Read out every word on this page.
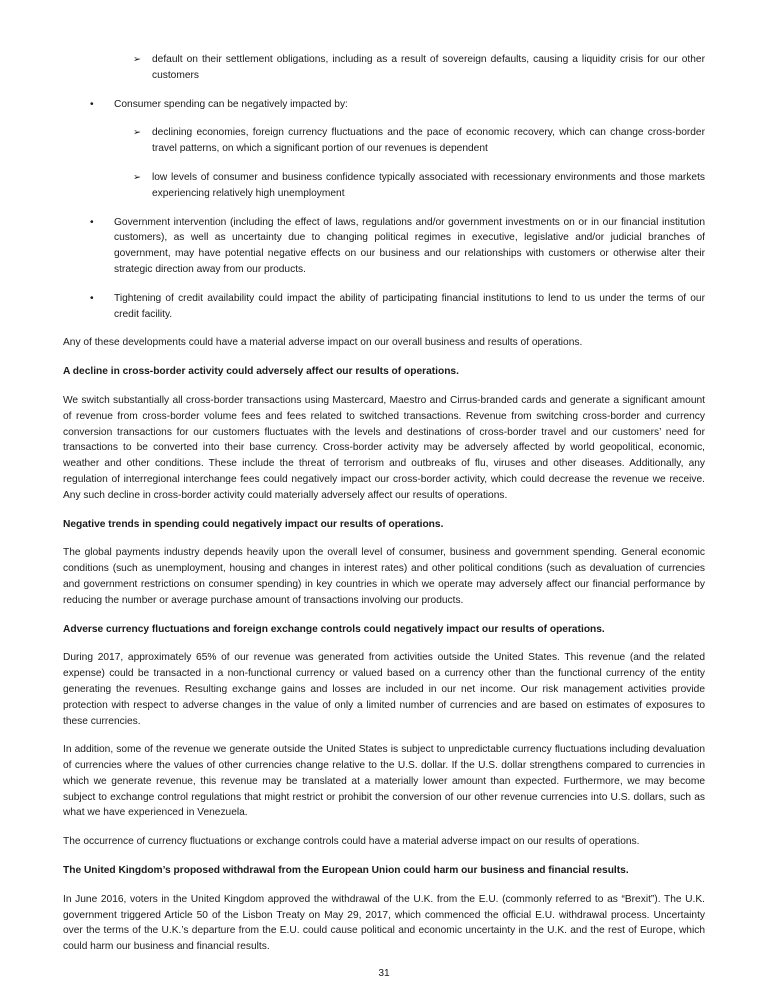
➢ default on their settlement obligations, including as a result of sovereign defaults, causing a liquidity crisis for our other customers

• Consumer spending can be negatively impacted by:

➢ declining economies, foreign currency fluctuations and the pace of economic recovery, which can change cross-border travel patterns, on which a significant portion of our revenues is dependent

➢ low levels of consumer and business confidence typically associated with recessionary environments and those markets experiencing relatively high unemployment

• Government intervention (including the effect of laws, regulations and/or government investments on or in our financial institution customers), as well as uncertainty due to changing political regimes in executive, legislative and/or judicial branches of government, may have potential negative effects on our business and our relationships with customers or otherwise alter their strategic direction away from our products.

• Tightening of credit availability could impact the ability of participating financial institutions to lend to us under the terms of our credit facility.

Any of these developments could have a material adverse impact on our overall business and results of operations.

A decline in cross-border activity could adversely affect our results of operations.

We switch substantially all cross-border transactions using Mastercard, Maestro and Cirrus-branded cards and generate a significant amount of revenue from cross-border volume fees and fees related to switched transactions. Revenue from switching cross-border and currency conversion transactions for our customers fluctuates with the levels and destinations of cross-border travel and our customers’ need for transactions to be converted into their base currency. Cross-border activity may be adversely affected by world geopolitical, economic, weather and other conditions. These include the threat of terrorism and outbreaks of flu, viruses and other diseases. Additionally, any regulation of interregional interchange fees could negatively impact our cross-border activity, which could decrease the revenue we receive. Any such decline in cross-border activity could materially adversely affect our results of operations.

Negative trends in spending could negatively impact our results of operations.

The global payments industry depends heavily upon the overall level of consumer, business and government spending. General economic conditions (such as unemployment, housing and changes in interest rates) and other political conditions (such as devaluation of currencies and government restrictions on consumer spending) in key countries in which we operate may adversely affect our financial performance by reducing the number or average purchase amount of transactions involving our products.

Adverse currency fluctuations and foreign exchange controls could negatively impact our results of operations.

During 2017, approximately 65% of our revenue was generated from activities outside the United States. This revenue (and the related expense) could be transacted in a non-functional currency or valued based on a currency other than the functional currency of the entity generating the revenues. Resulting exchange gains and losses are included in our net income. Our risk management activities provide protection with respect to adverse changes in the value of only a limited number of currencies and are based on estimates of exposures to these currencies.

In addition, some of the revenue we generate outside the United States is subject to unpredictable currency fluctuations including devaluation of currencies where the values of other currencies change relative to the U.S. dollar. If the U.S. dollar strengthens compared to currencies in which we generate revenue, this revenue may be translated at a materially lower amount than expected. Furthermore, we may become subject to exchange control regulations that might restrict or prohibit the conversion of our other revenue currencies into U.S. dollars, such as what we have experienced in Venezuela.

The occurrence of currency fluctuations or exchange controls could have a material adverse impact on our results of operations.

The United Kingdom’s proposed withdrawal from the European Union could harm our business and financial results.

In June 2016, voters in the United Kingdom approved the withdrawal of the U.K. from the E.U. (commonly referred to as “Brexit”). The U.K. government triggered Article 50 of the Lisbon Treaty on May 29, 2017, which commenced the official E.U. withdrawal process. Uncertainty over the terms of the U.K.’s departure from the E.U. could cause political and economic uncertainty in the U.K. and the rest of Europe, which could harm our business and financial results.

31
